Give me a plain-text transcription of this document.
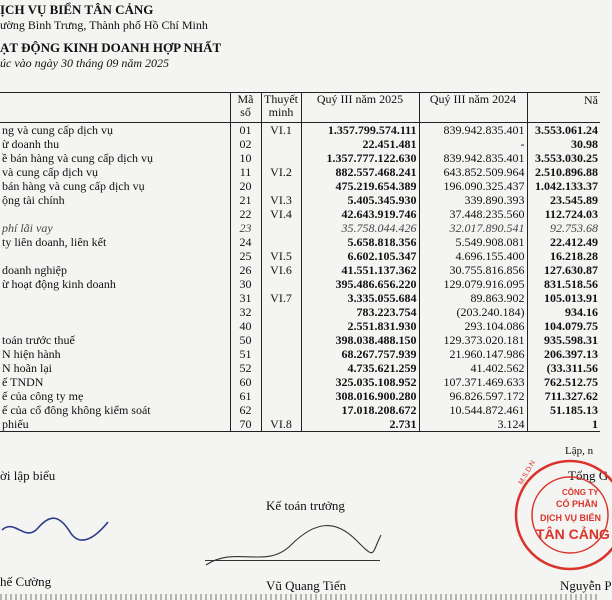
ỊCH VỤ BIỂN TÂN CẢNG
ường Bình Trưng, Thành phố Hồ Chí Minh
ẠT ĐỘNG KINH DOANH HỢP NHẤT
úc vào ngày 30 tháng 09 năm 2025
	Mã số	Thuyết minh	Quý III năm 2025	Quý III năm 2024	Nă
ng và cung cấp dịch vụ	01	VI.1	1.357.799.574.111	839.942.835.401	3.553.061.24
ừ doanh thu	02		22.451.481	-	30.98
ề bán hàng và cung cấp dịch vụ	10		1.357.777.122.630	839.942.835.401	3.553.030.25
và cung cấp dịch vụ	11	VI.2	882.557.468.241	643.852.509.964	2.510.896.88
bán hàng và cung cấp dịch vụ	20		475.219.654.389	196.090.325.437	1.042.133.37
ộng tài chính	21	VI.3	5.405.345.930	339.890.393	23.545.89
	22	VI.4	42.643.919.746	37.448.235.560	112.724.03
phí lãi vay	23		35.758.044.426	32.017.890.541	92.753.68
ty liên doanh, liên kết	24		5.658.818.356	5.549.908.081	22.412.49
	25	VI.5	6.602.105.347	4.696.155.400	16.218.28
doanh nghiệp	26	VI.6	41.551.137.362	30.755.816.856	127.630.87
ừ hoạt động kinh doanh	30		395.486.656.220	129.079.916.095	831.518.56
	31	VI.7	3.335.055.684	89.863.902	105.013.91
	32		783.223.754	(203.240.184)	934.16
	40		2.551.831.930	293.104.086	104.079.75
toán trước thuế	50		398.038.488.150	129.373.020.181	935.598.31
N hiện hành	51		68.267.757.939	21.960.147.986	206.397.13
N hoãn lại	52		4.735.621.259	41.402.562	(33.311.56
ế TNDN	60		325.035.108.952	107.371.469.633	762.512.75
ế của công ty mẹ	61		308.016.900.280	96.826.597.172	711.327.62
ế của cổ đông không kiểm soát	62		17.018.208.672	10.544.872.461	51.185.13
phiếu	70	VI.8	2.731	3.124	1
ời lập biểu
hế Cường
Kế toán trưởng
Vũ Quang Tiến
Lập, n
Tổng G
Nguyễn P
CÔNG TY
CỔ PHẦN
DỊCH VỤ BIỂN
TÂN CẢNG
M.S.D.N
